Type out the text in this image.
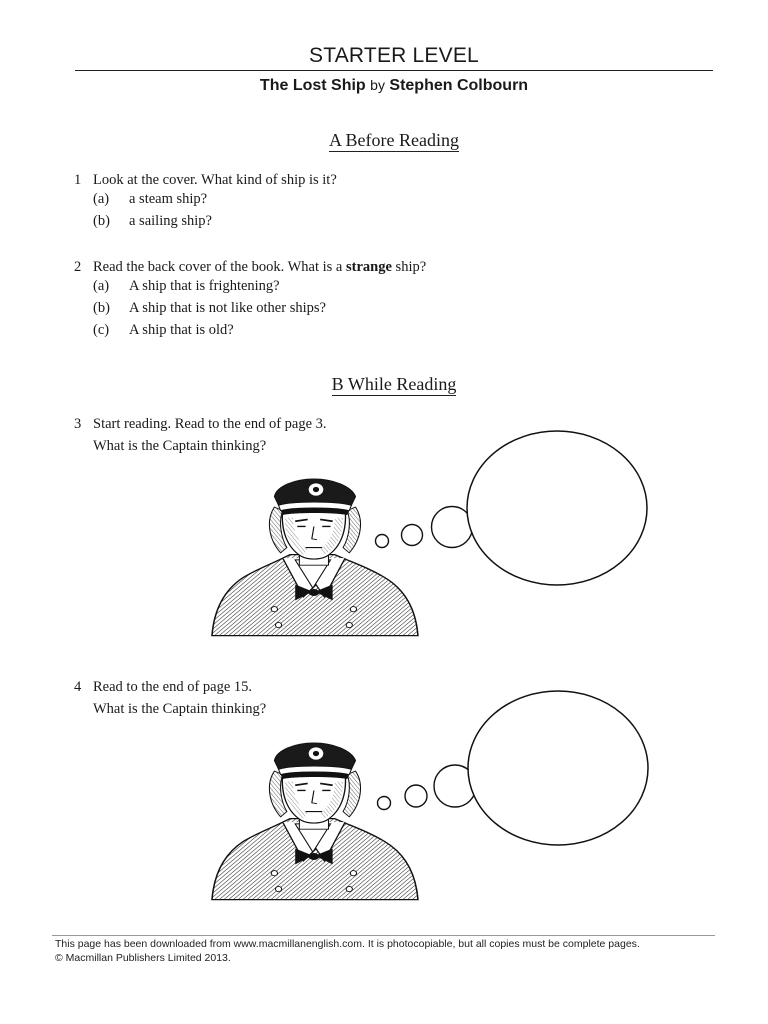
STARTER LEVEL
The Lost Ship by Stephen Colbourn
A Before Reading
1 Look at the cover. What kind of ship is it?
(a) a steam ship?
(b) a sailing ship?
2 Read the back cover of the book. What is a strange ship?
(a) A ship that is frightening?
(b) A ship that is not like other ships?
(c) A ship that is old?
B While Reading
3 Start reading. Read to the end of page 3.
What is the Captain thinking?
4 Read to the end of page 15.
What is the Captain thinking?
This page has been downloaded from www.macmillanenglish.com. It is photocopiable, but all copies must be complete pages.
© Macmillan Publishers Limited 2013.
